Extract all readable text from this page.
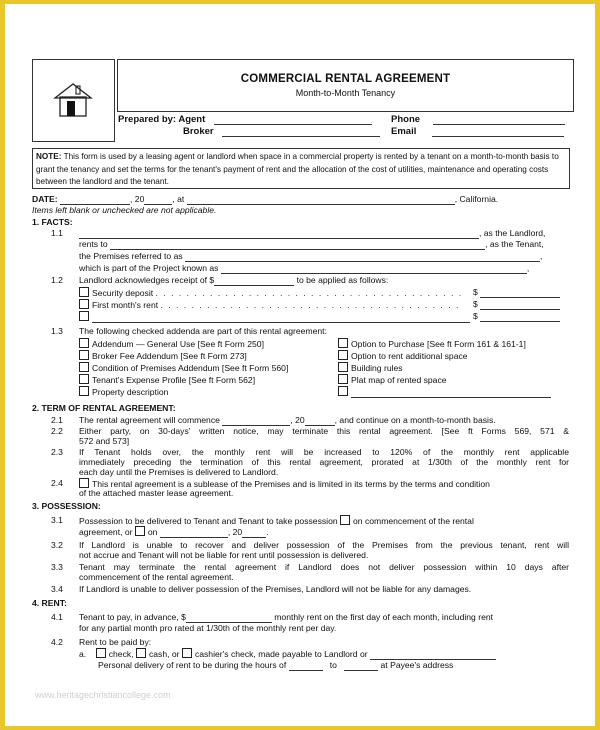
COMMERCIAL RENTAL AGREEMENT
Month-to-Month Tenancy
Prepared by: Agent
Broker
Phone
Email
NOTE: This form is used by a leasing agent or landlord when space in a commercial property is rented by a tenant on a month-to-month basis to grant the tenancy and set the terms for the tenant's payment of rent and the allocation of the cost of utilities, maintenance and operating costs between the landlord and the tenant.
DATE:	, 20	, at	, California.
Items left blank or unchecked are not applicable.
1. FACTS:
1.1	, as the Landlord,
rents to	, as the Tenant,
the Premises referred to as	,
which is part of the Project known as	,
1.2 Landlord acknowledges receipt of $	to be applied as follows:
Security deposit . . . . . . . . . . . . . . . . . . . . . . . . . . . . . . . . . . . . . . . . $
First month's rent . . . . . . . . . . . . . . . . . . . . . . . . . . . . . . . . . . . . . . . $
$
1.3 The following checked addenda are part of this rental agreement:
Addendum — General Use [See ft Form 250]
Broker Fee Addendum [See ft Form 273]
Condition of Premises Addendum [See ft Form 560]
Tenant's Expense Profile [See ft Form 562]
Property description
Option to Purchase [See ft Form 161 & 161-1]
Option to rent additional space
Building rules
Plat map of rented space
2. TERM OF RENTAL AGREEMENT:
2.1 The rental agreement will commence	, 20	, and continue on a month-to-month basis.
2.2 Either party, on 30-days' written notice, may terminate this rental agreement. [See ft Forms 569, 571 &
572 and 573]
2.3 If Tenant holds over, the monthly rent will be increased to 120% of the monthly rent applicable
immediately preceding the termination of this rental agreement, prorated at 1/30th of the monthly rent for
each day until the Premises is delivered to Landlord.
2.4	This rental agreement is a sublease of the Premises and is limited in its terms by the terms and condition
of the attached master lease agreement.
3. POSSESSION:
3.1 Possession to be delivered to Tenant and Tenant to take possession on commencement of the rental
agreement, or on	, 20	.
3.2 If Landlord is unable to recover and deliver possession of the Premises from the previous tenant, rent will
not accrue and Tenant will not be liable for rent until possession is delivered.
3.3 Tenant may terminate the rental agreement if Landlord does not deliver possession within 10 days after
commencement of the rental agreement.
3.4 If Landlord is unable to deliver possession of the Premises, Landlord will not be liable for any damages.
4. RENT:
4.1 Tenant to pay, in advance, $	monthly rent on the first day of each month, including rent
for any partial month pro rated at 1/30th of the monthly rent per day.
4.2 Rent to be paid by:
a.	check, cash, or cashier's check, made payable to Landlord or
Personal delivery of rent to be during the hours of	to	at Payee's address
www.heritagechristiancollege.com
